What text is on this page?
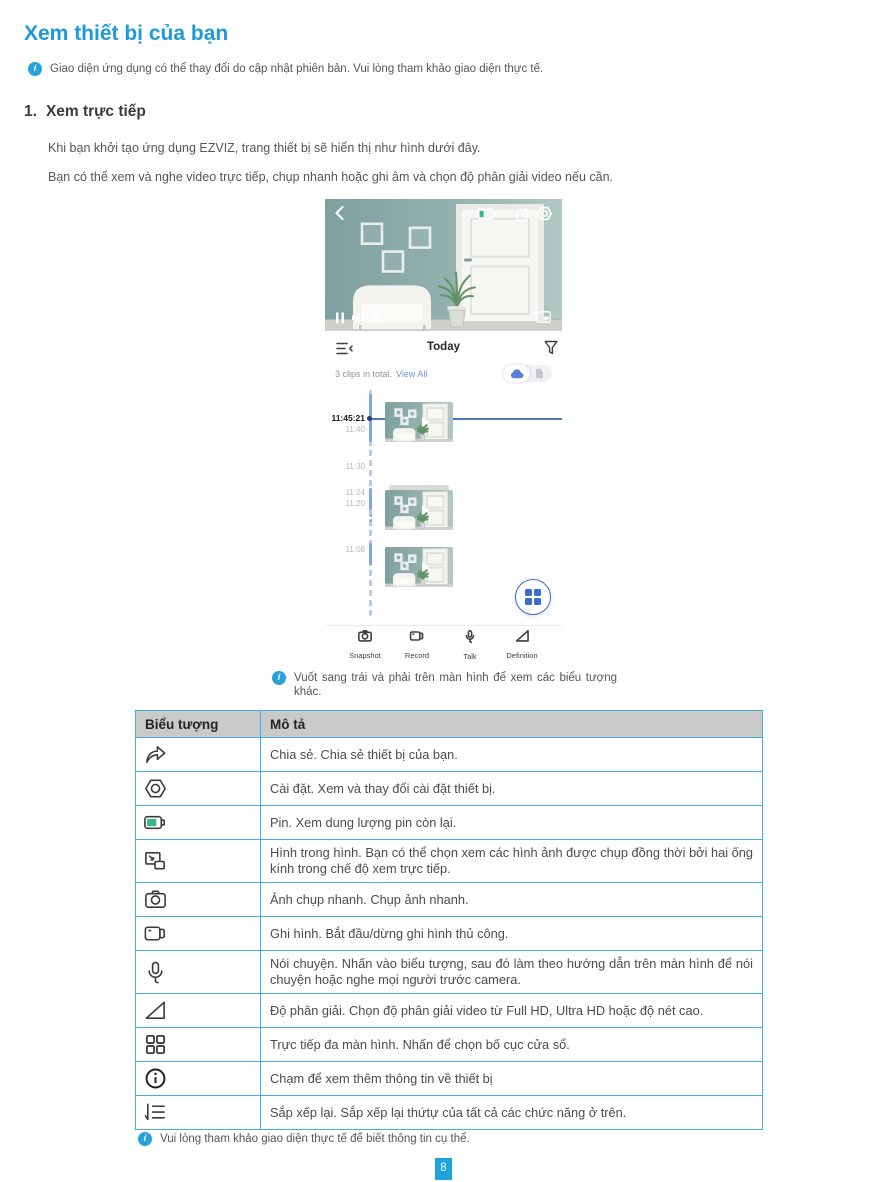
Xem thiết bị của bạn
i
Giao diện ứng dụng có thể thay đổi do cập nhật phiên bản. Vui lòng tham khảo giao diện thực tế.
1. Xem trực tiếp

Khi bạn khởi tạo ứng dụng EZVIZ, trang thiết bị sẽ hiển thị như hình dưới đây.

Bạn có thể xem và nghe video trực tiếp, chụp nhanh hoặc ghi âm và chọn độ phân giải video nếu cần.

Today
3 clips in total. View All
11:45:21
11:40
11:30
11:24
11:20
11:08
Snapshot	Record	Talk	Definition
i
Vuốt sang trái và phải trên màn hình để xem các biểu tượng
khác.
Biểu tượng	Mô tả

	Chia sẻ. Chia sẻ thiết bị của bạn.

	Cài đặt. Xem và thay đổi cài đặt thiết bị.

	Pin. Xem dung lượng pin còn lại.

	Hình trong hình. Bạn có thể chọn xem các hình ảnh được chụp đồng thời bởi hai ống kính trong chế độ xem trực tiếp.

	Ảnh chụp nhanh. Chụp ảnh nhanh.

	Ghi hình. Bắt đầu/dừng ghi hình thủ công.

	Nói chuyện. Nhấn vào biểu tượng, sau đó làm theo hướng dẫn trên màn hình để nói chuyện hoặc nghe mọi người trước camera.

	Độ phân giải. Chọn độ phân giải video từ Full HD, Ultra HD hoặc độ nét cao.

	Trực tiếp đa màn hình. Nhấn để chọn bố cục cửa sổ.

	Chạm để xem thêm thông tin về thiết bị

	Sắp xếp lại. Sắp xếp lại thứtự của tất cả các chức năng ở trên.
i
Vui lòng tham khảo giao diện thực tế để biết thông tin cụ thể.
8
